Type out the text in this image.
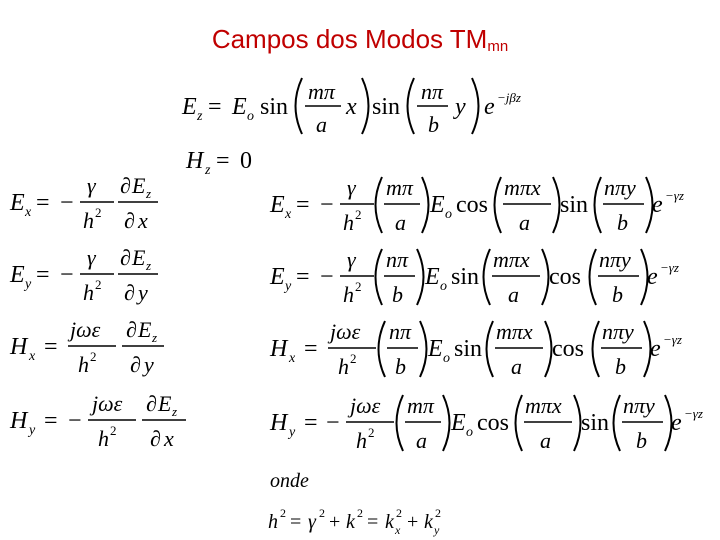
Campos dos Modos $TM_{mn}$
E z = E o sin
mπ
a
x sin
nπ
b
y e −jβz
H z = 0
E x = −
γ
h 2
∂ E z
∂ x
E y = −
γ
h 2
∂ E z
∂ y
H x =
jωε
h 2
∂ E z
∂ y
H y = −
jωε
h 2
∂ E z
∂ x
E x = −
γ
h 2
mπ
a
E o cos
mπx
a
sin
nπy
b
e −γz
E y = −
γ
h 2
nπ
b
E o sin
mπx
a
cos
nπy
b
e −γz
H x =
jωε
h 2
nπ
b
E o sin
mπx
a
cos
nπy
b
e −γz
H y = −
jωε
h 2
mπ
a
E o cos
mπx
a
sin
nπy
b
e −γz
onde
h 2 = γ 2 + k 2 = k x
2 + k y
2
